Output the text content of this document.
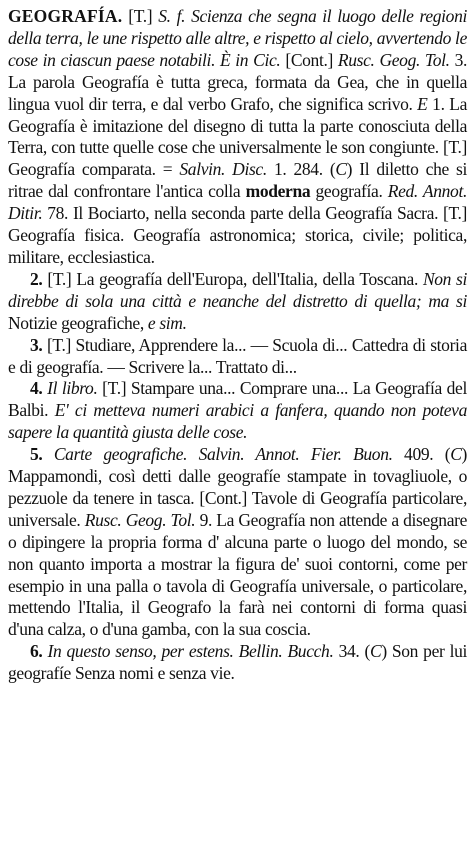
GEOGRAFÍA. [T.] S. f. Scienza che segna il luogo delle regioni della terra, le une rispetto alle altre, e rispetto al cielo, avvertendo le cose in ciascun paese notabili. È in Cic. [Cont.] Rusc. Geog. Tol. 3. La parola Geografía è tutta greca, formata da Gea, che in quella lingua vuol dir terra, e dal verbo Grafo, che significa scrivo. E 1. La Geografía è imitazione del disegno di tutta la parte conosciuta della Terra, con tutte quelle cose che universalmente le son congiunte. [T.] Geografía comparata. = Salvin. Disc. 1. 284. (C) Il diletto che si ritrae dal confrontare l'antica colla moderna geografía. Red. Annot. Ditir. 78. Il Bociarto, nella seconda parte della Geografía Sacra. [T.] Geografía fisica. Geografía astronomica; storica, civile; politica, militare, ecclesiastica.

2. [T.] La geografía dell'Europa, dell'Italia, della Toscana. Non si direbbe di sola una città e neanche del distretto di quella; ma si Notizie geografiche, e sim.

3. [T.] Studiare, Apprendere la... — Scuola di... Cattedra di storia e di geografía. — Scrivere la... Trattato di...

4. Il libro. [T.] Stampare una... Comprare una... La Geografía del Balbi. E' ci metteva numeri arabici a fanfera, quando non poteva sapere la quantità giusta delle cose.

5. Carte geografiche. Salvin. Annot. Fier. Buon. 409. (C) Mappamondi, così detti dalle geografíe stampate in tovagliuole, o pezzuole da tenere in tasca. [Cont.] Tavole di Geografía particolare, universale. Rusc. Geog. Tol. 9. La Geografía non attende a disegnare o dipingere la propria forma d' alcuna parte o luogo del mondo, se non quanto importa a mostrar la figura de' suoi contorni, come per esempio in una palla o tavola di Geografía universale, o particolare, mettendo l'Italia, il Geografo la farà nei contorni di forma quasi d'una calza, o d'una gamba, con la sua coscia.

6. In questo senso, per estens. Bellin. Bucch. 34. (C) Son per lui geografíe Senza nomi e senza vie.
